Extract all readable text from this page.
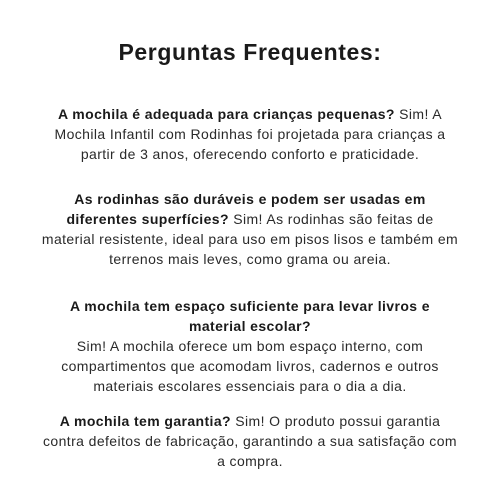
Perguntas Frequentes:

A mochila é adequada para crianças pequenas? Sim! A Mochila Infantil com Rodinhas foi projetada para crianças a partir de 3 anos, oferecendo conforto e praticidade.

As rodinhas são duráveis e podem ser usadas em diferentes superfícies? Sim! As rodinhas são feitas de material resistente, ideal para uso em pisos lisos e também em terrenos mais leves, como grama ou areia.

A mochila tem espaço suficiente para levar livros e material escolar?
Sim! A mochila oferece um bom espaço interno, com compartimentos que acomodam livros, cadernos e outros materiais escolares essenciais para o dia a dia.

A mochila tem garantia? Sim! O produto possui garantia contra defeitos de fabricação, garantindo a sua satisfação com a compra.
